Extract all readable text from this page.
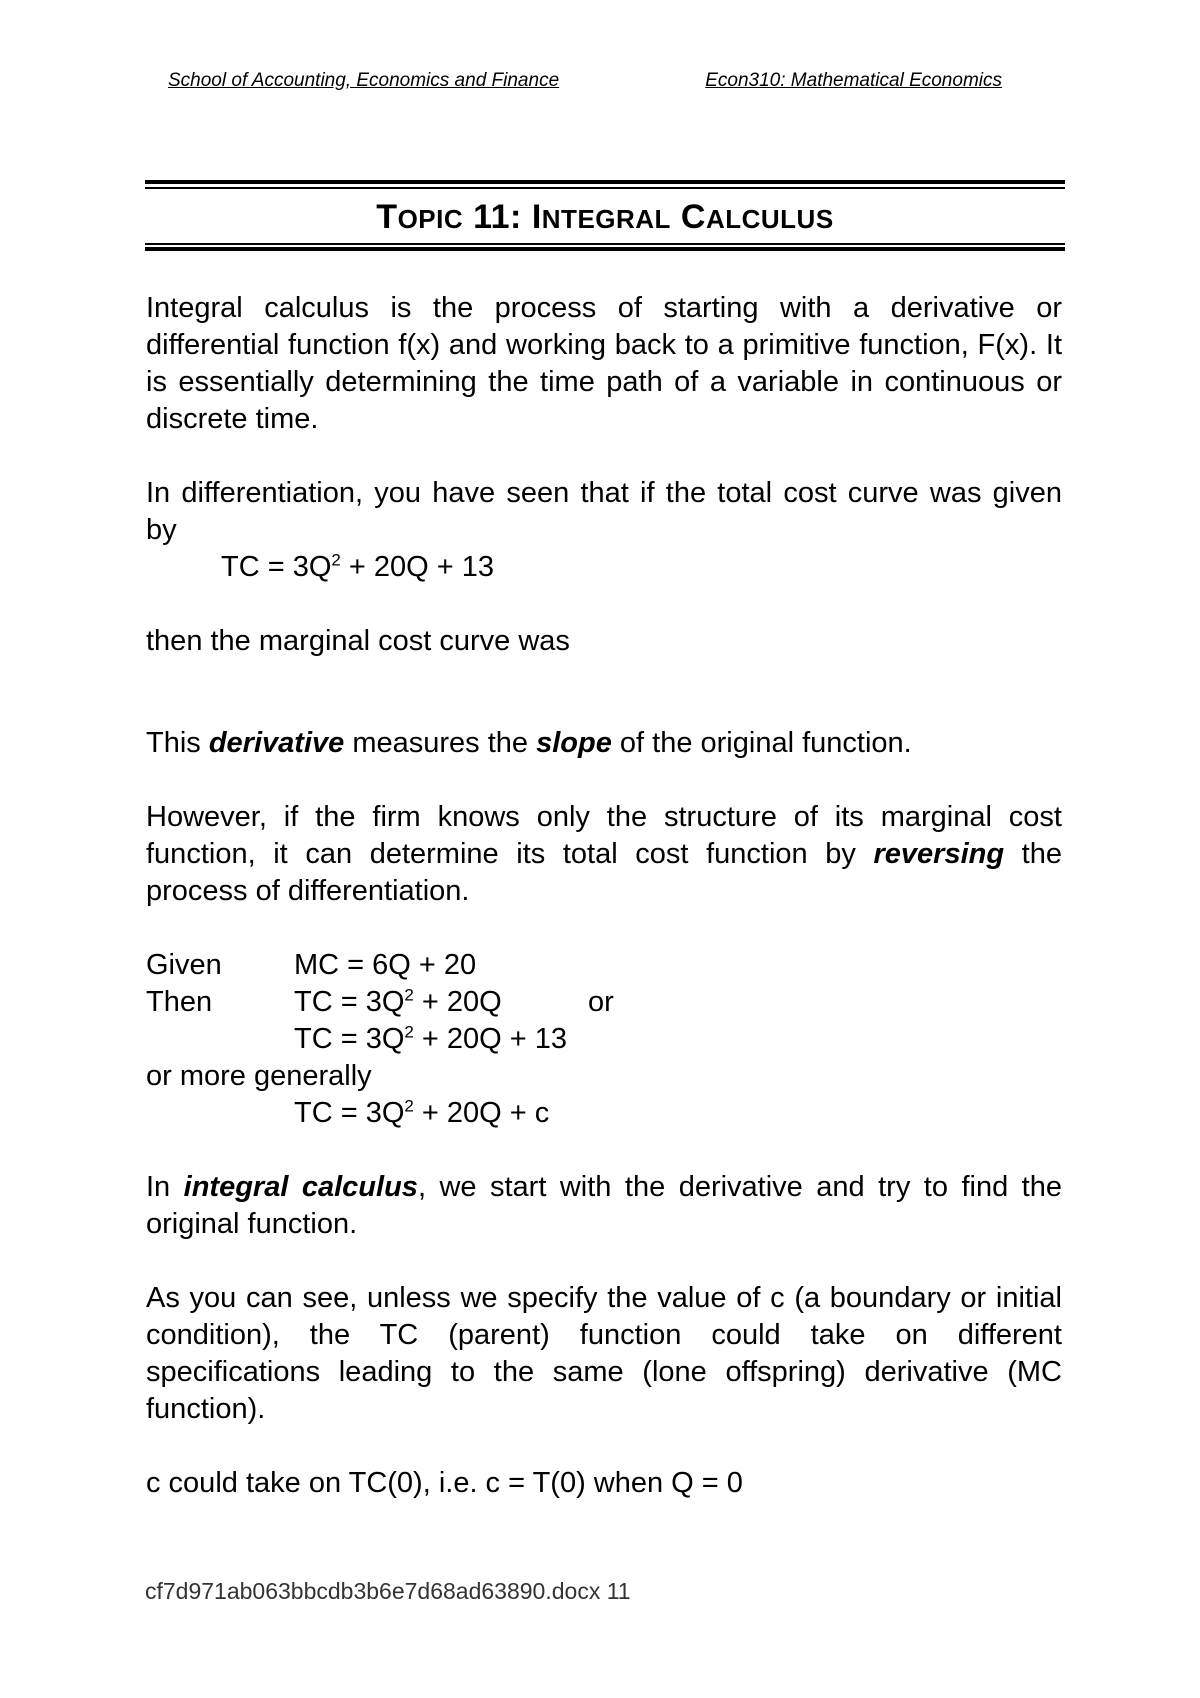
School of Accounting, Economics and Finance	Econ310: Mathematical Economics
TOPIC 11: INTEGRAL CALCULUS

Integral calculus is the process of starting with a derivative or differential function f(x) and working back to a primitive function, F(x). It is essentially determining the time path of a variable in continuous or discrete time.

In differentiation, you have seen that if the total cost curve was given by

TC = $3Q^2 + 20Q + 13$

then the marginal cost curve was

This derivative measures the slope of the original function.

However, if the firm knows only the structure of its marginal cost function, it can determine its total cost function by reversing the process of differentiation.

Given	MC = 6Q + 20
Then	TC = $3Q^2 + 20Q$	or
TC = $3Q^2 + 20Q + 13$

or more generally

TC = $3Q^2 + 20Q + c$

In integral calculus, we start with the derivative and try to find the original function.

As you can see, unless we specify the value of c (a boundary or initial condition), the TC (parent) function could take on different specifications leading to the same (lone offspring) derivative (MC function).

c could take on TC(0), i.e. c = T(0) when Q = 0

cf7d971ab063bbcdb3b6e7d68ad63890.docx 11
